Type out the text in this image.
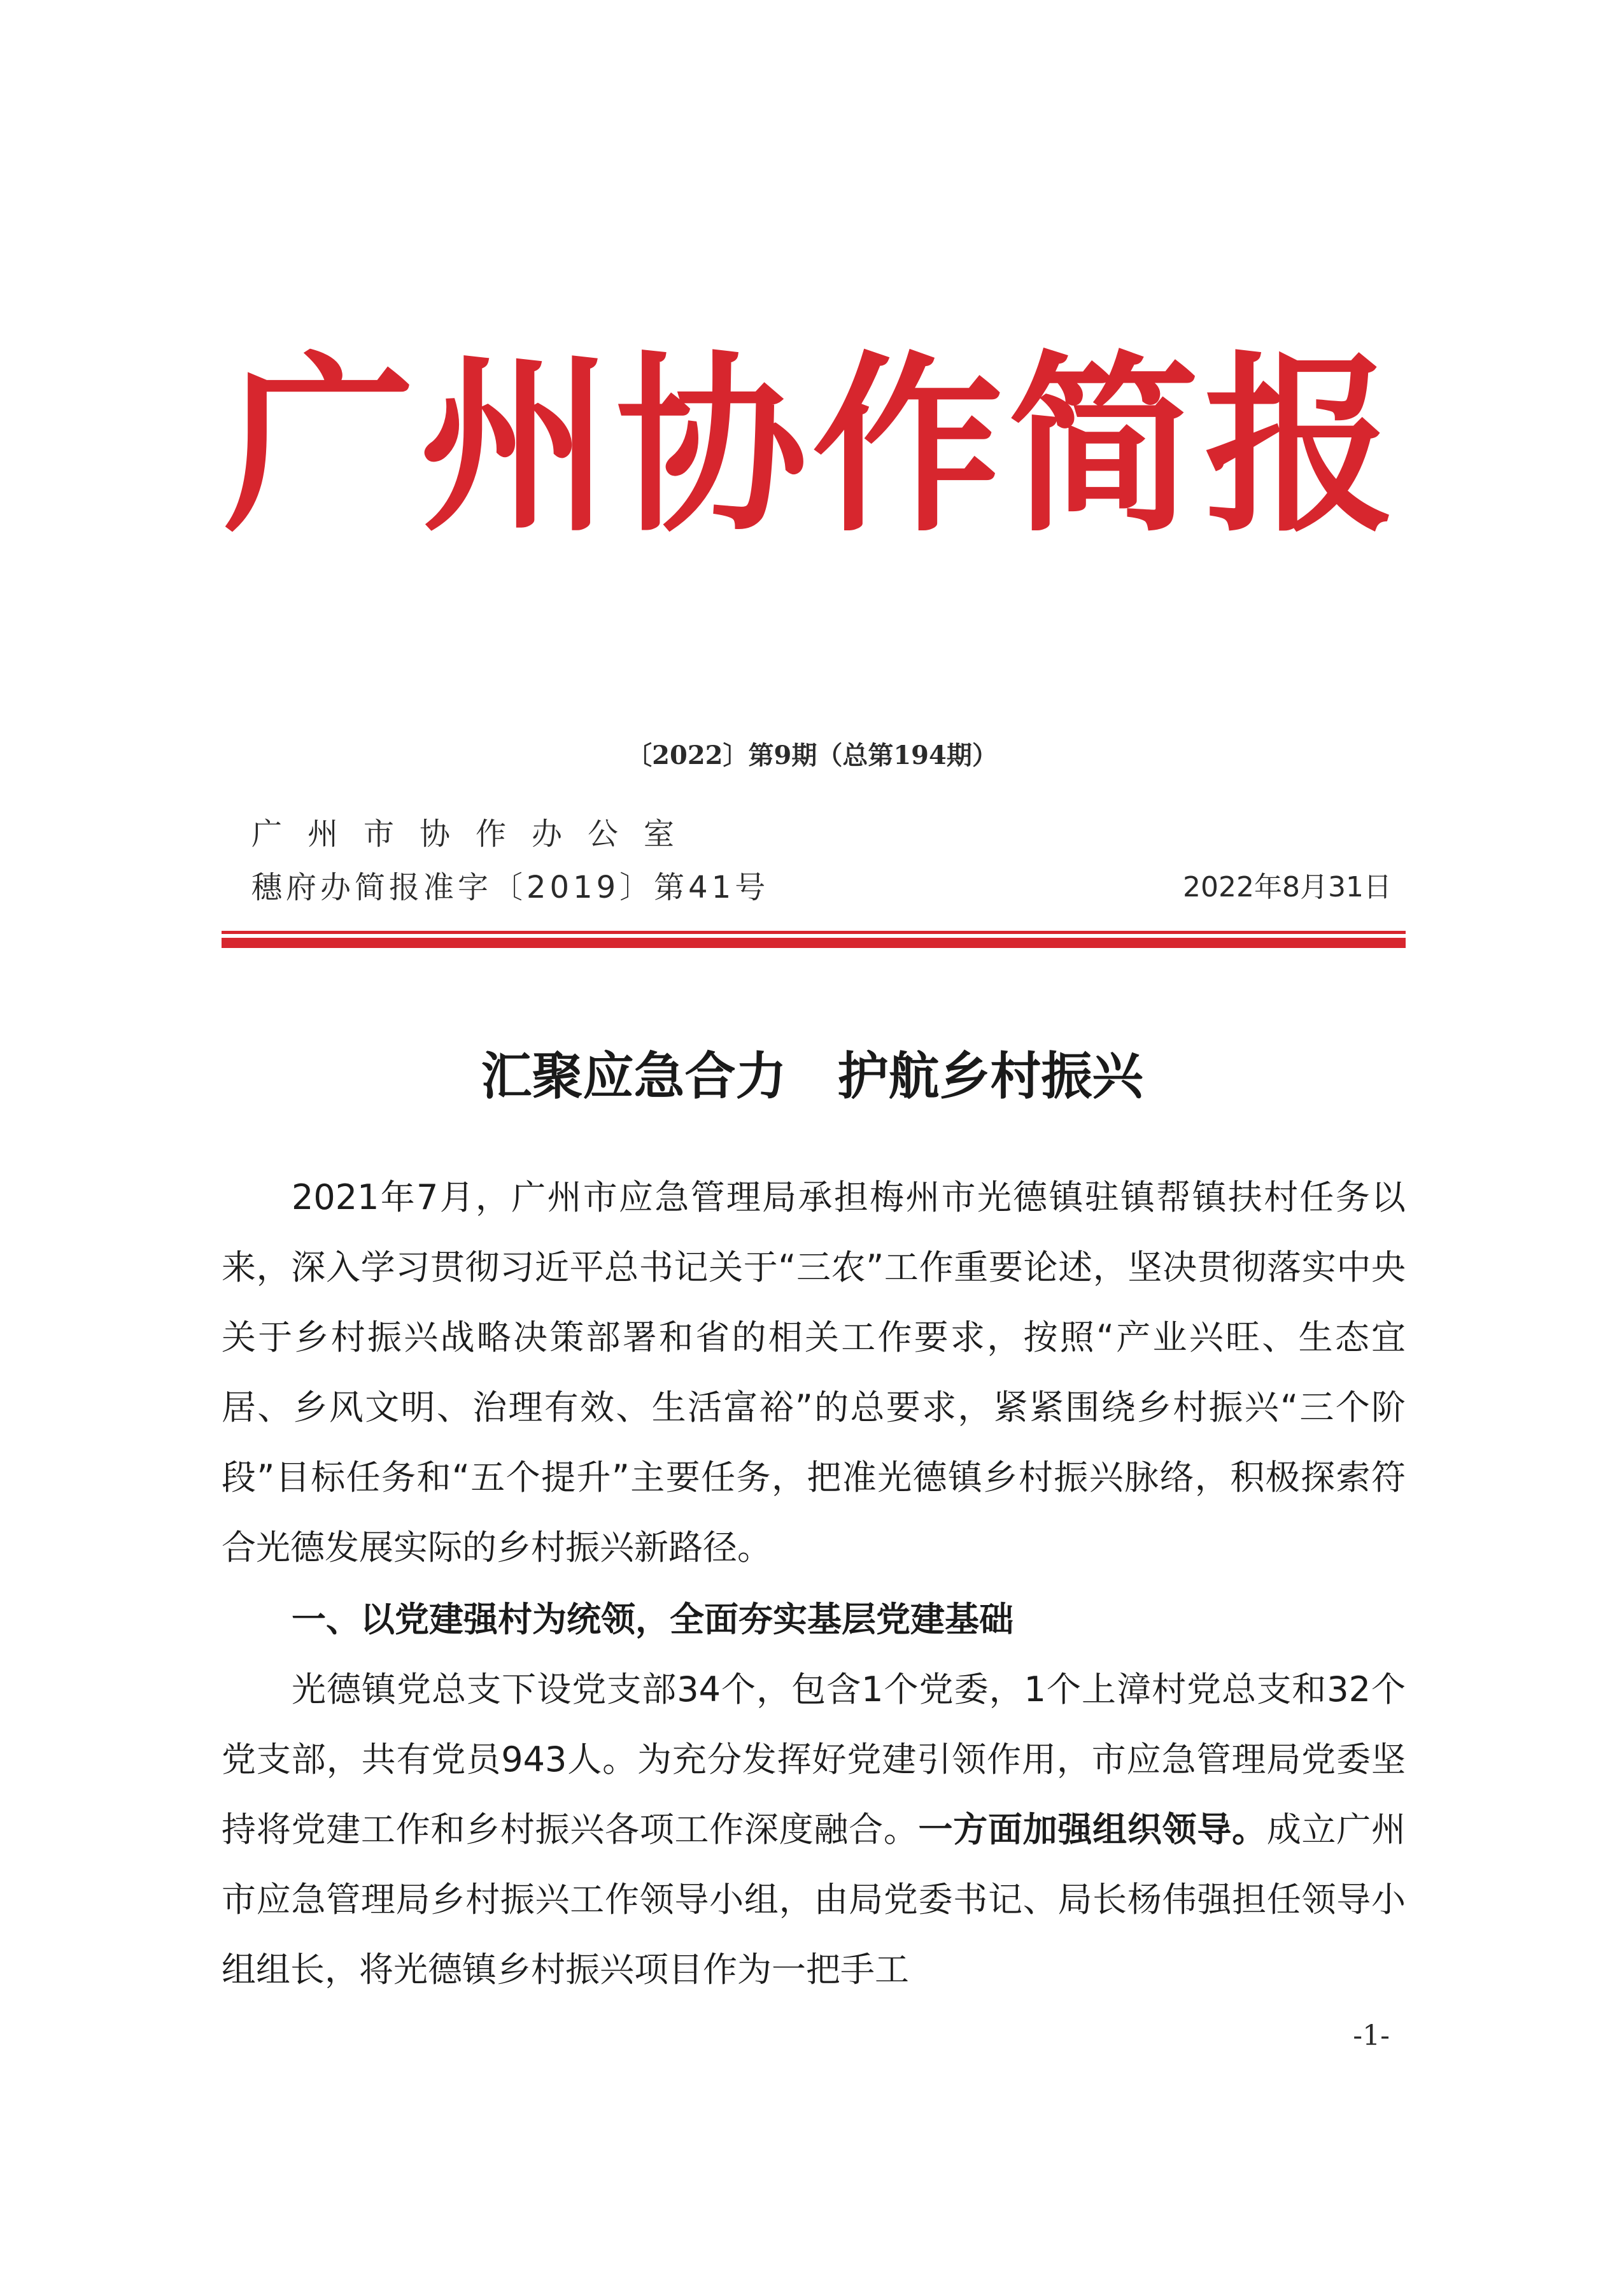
广州协作简报
〔2022〕第9期（总第194期）
广州市协作办公室
穗府办简报准字〔2019〕第41号	2022年8月31日
汇聚应急合力　护航乡村振兴
2021年7月，广州市应急管理局承担梅州市光德镇驻镇帮镇扶村任务以来，深入学习贯彻习近平总书记关于“三农”工作重要论述，坚决贯彻落实中央关于乡村振兴战略决策部署和省的相关工作要求，按照“产业兴旺、生态宜居、乡风文明、治理有效、生活富裕”的总要求，紧紧围绕乡村振兴“三个阶段”目标任务和“五个提升”主要任务，把准光德镇乡村振兴脉络，积极探索符合光德发展实际的乡村振兴新路径。
一、以党建强村为统领，全面夯实基层党建基础
光德镇党总支下设党支部34个，包含1个党委，1个上漳村党总支和32个党支部，共有党员943人。为充分发挥好党建引领作用，市应急管理局党委坚持将党建工作和乡村振兴各项工作深度融合。一方面加强组织领导。成立广州市应急管理局乡村振兴工作领导小组，由局党委书记、局长杨伟强担任领导小组组长，将光德镇乡村振兴项目作为一把手工
-1-
